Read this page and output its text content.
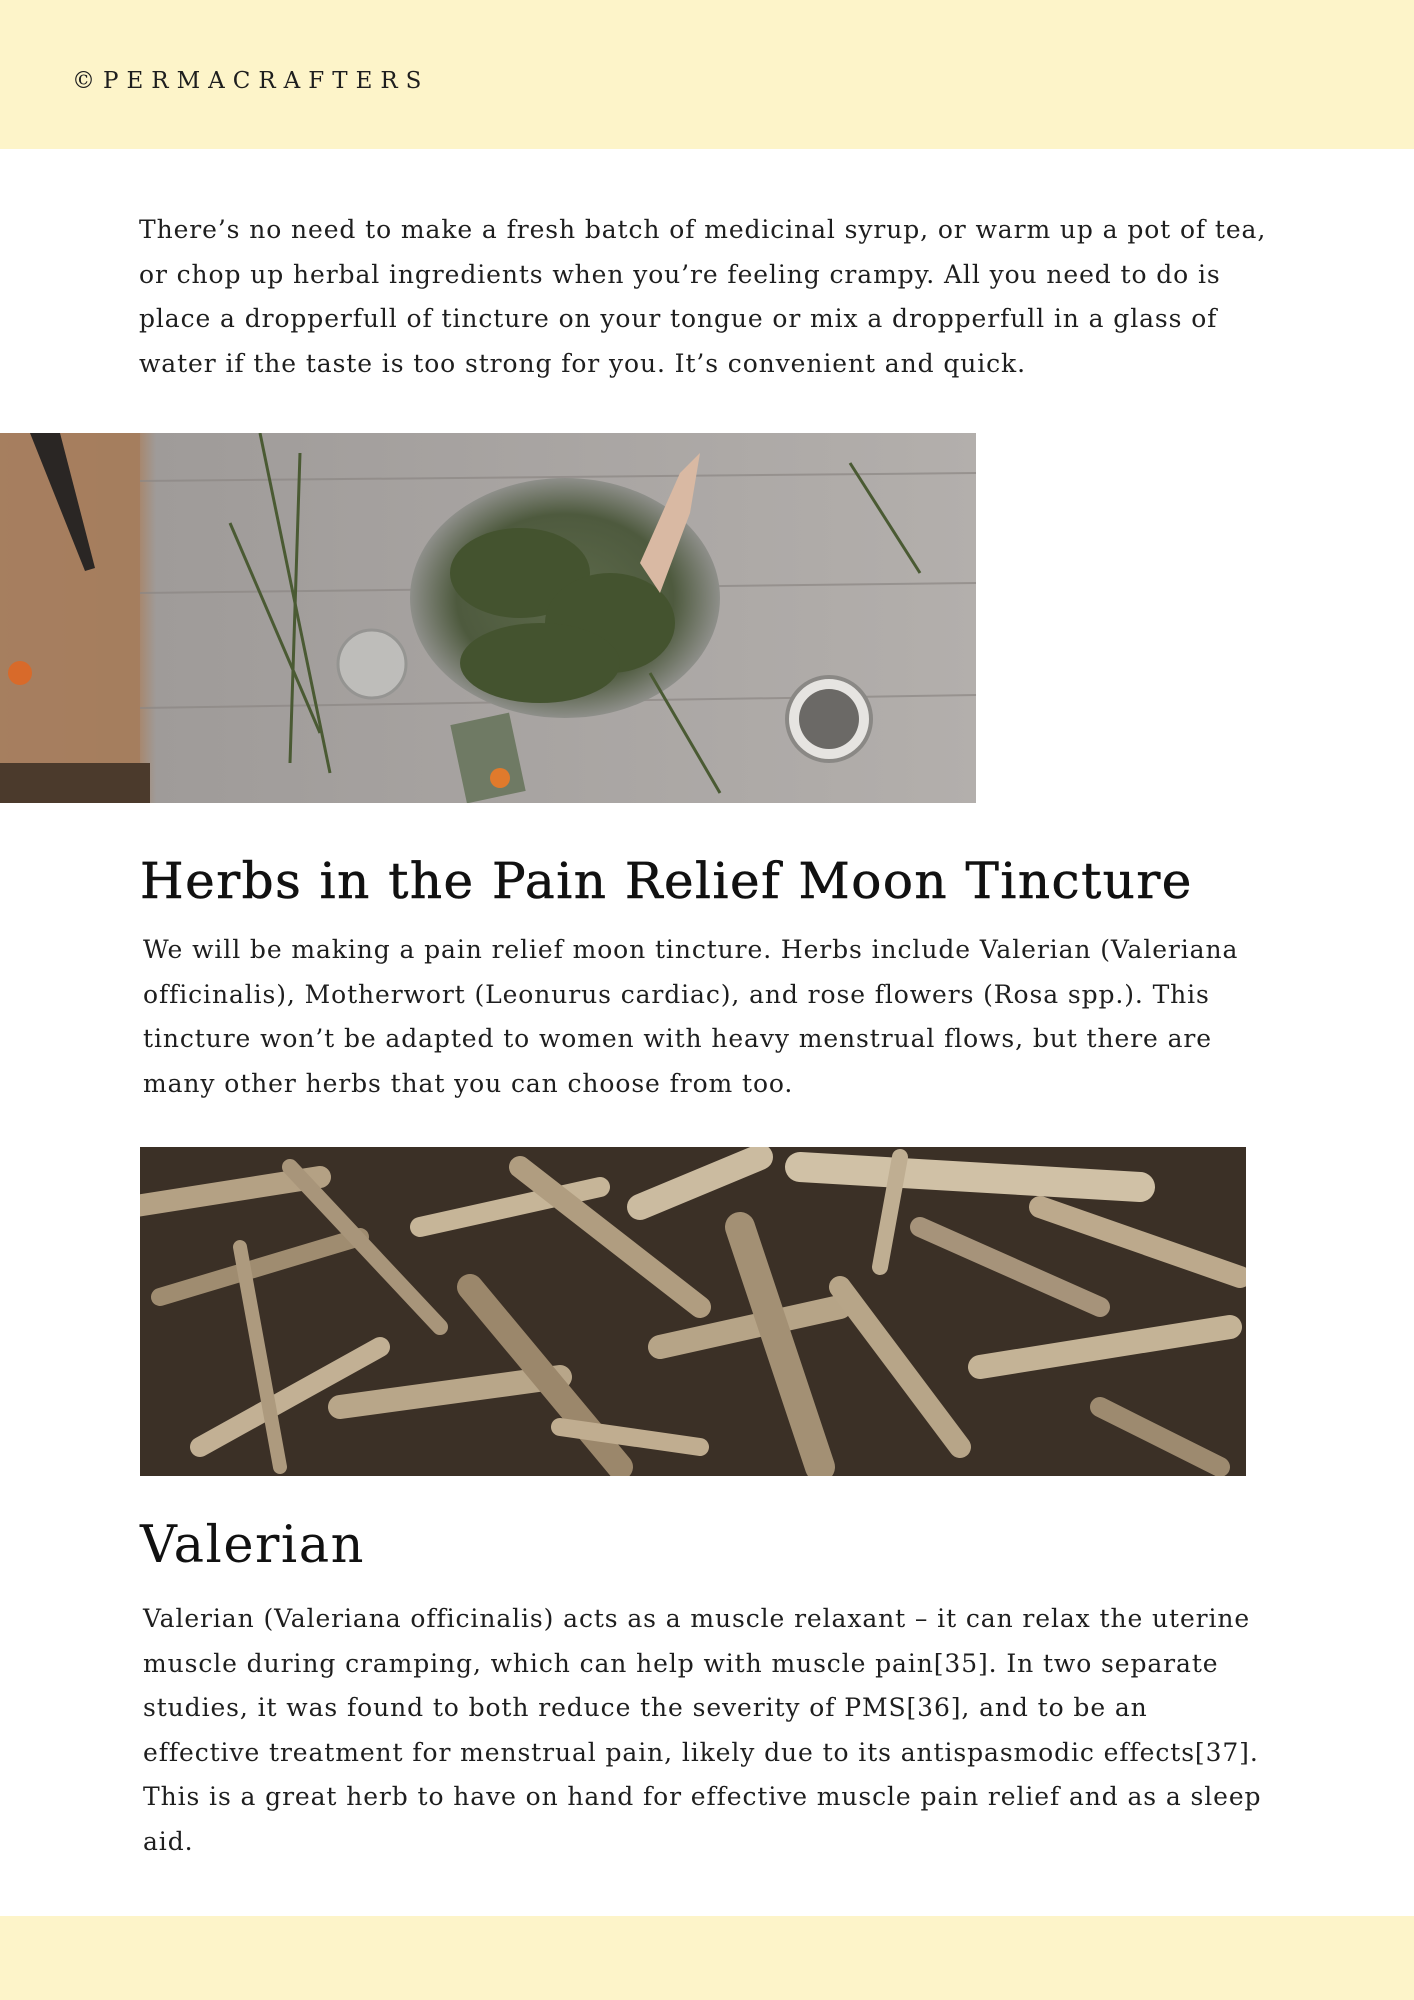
©PERMACRAFTERS

There’s no need to make a fresh batch of medicinal syrup, or warm up a pot of tea, or chop up herbal ingredients when you’re feeling crampy. All you need to do is place a dropperfull of tincture on your tongue or mix a dropperfull in a glass of water if the taste is too strong for you. It’s convenient and quick.

Herbs in the Pain Relief Moon Tincture

We will be making a pain relief moon tincture. Herbs include Valerian (Valeriana officinalis), Motherwort (Leonurus cardiac), and rose flowers (Rosa spp.). This tincture won’t be adapted to women with heavy menstrual flows, but there are many other herbs that you can choose from too.

Valerian

Valerian (Valeriana officinalis) acts as a muscle relaxant – it can relax the uterine muscle during cramping, which can help with muscle pain[35]. In two separate studies, it was found to both reduce the severity of PMS[36], and to be an effective treatment for menstrual pain, likely due to its antispasmodic effects[37]. This is a great herb to have on hand for effective muscle pain relief and as a sleep aid.
